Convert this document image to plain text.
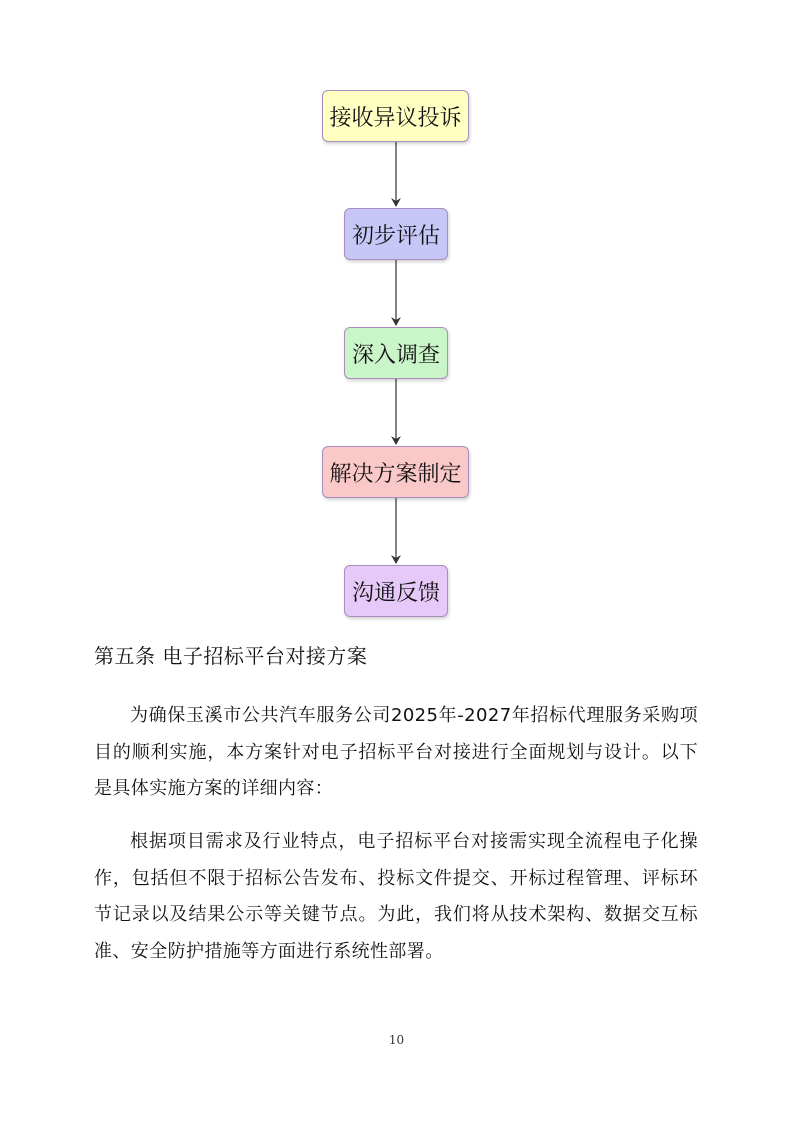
接收异议投诉
初步评估
深入调查
解决方案制定
沟通反馈
第五条 电子招标平台对接方案

为确保玉溪市公共汽车服务公司2025年-2027年招标代理服务采购项目的顺利实施，本方案针对电子招标平台对接进行全面规划与设计。以下是具体实施方案的详细内容：

根据项目需求及行业特点，电子招标平台对接需实现全流程电子化操作，包括但不限于招标公告发布、投标文件提交、开标过程管理、评标环节记录以及结果公示等关键节点。为此，我们将从技术架构、数据交互标准、安全防护措施等方面进行系统性部署。

10
